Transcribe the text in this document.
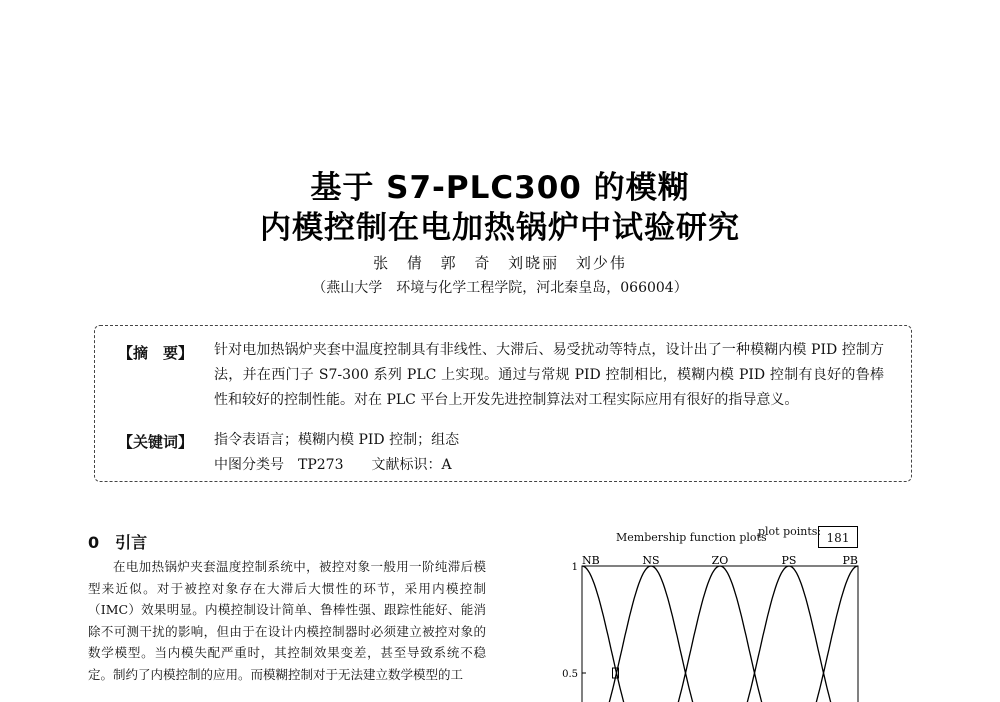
基于 S7-PLC300 的模糊
内模控制在电加热锅炉中试验研究
张 倩 郭 奇 刘晓丽 刘少伟
（燕山大学　环境与化学工程学院，河北秦皇岛，066004）
【摘　要】 针对电加热锅炉夹套中温度控制具有非线性、大滞后、易受扰动等特点，设计出了一种模糊内模 PID 控制方法，并在西门子 S7-300 系列 PLC 上实现。通过与常规 PID 控制相比，模糊内模 PID 控制有良好的鲁棒性和较好的控制性能。对在 PLC 平台上开发先进控制算法对工程实际应用有很好的指导意义。
【关键词】 指令表语言；模糊内模 PID 控制；组态
中图分类号　TP273　　文献标识：A
0　引言
在电加热锅炉夹套温度控制系统中，被控对象一般用一阶纯滞后模型来近似。对于被控对象存在大滞后大惯性的环节，采用内模控制（IMC）效果明显。内模控制设计简单、鲁棒性强、跟踪性能好、能消除不可测干扰的影响，但由于在设计内模控制器时必须建立被控对象的数学模型。当内模失配严重时，其控制效果变差，甚至导致系统不稳定。制约了内模控制的应用。而模糊控制对于无法建立数学模型的工
Membership function plots
plot points: 181
1
0.5
NB	NS	ZO	PS	PB
